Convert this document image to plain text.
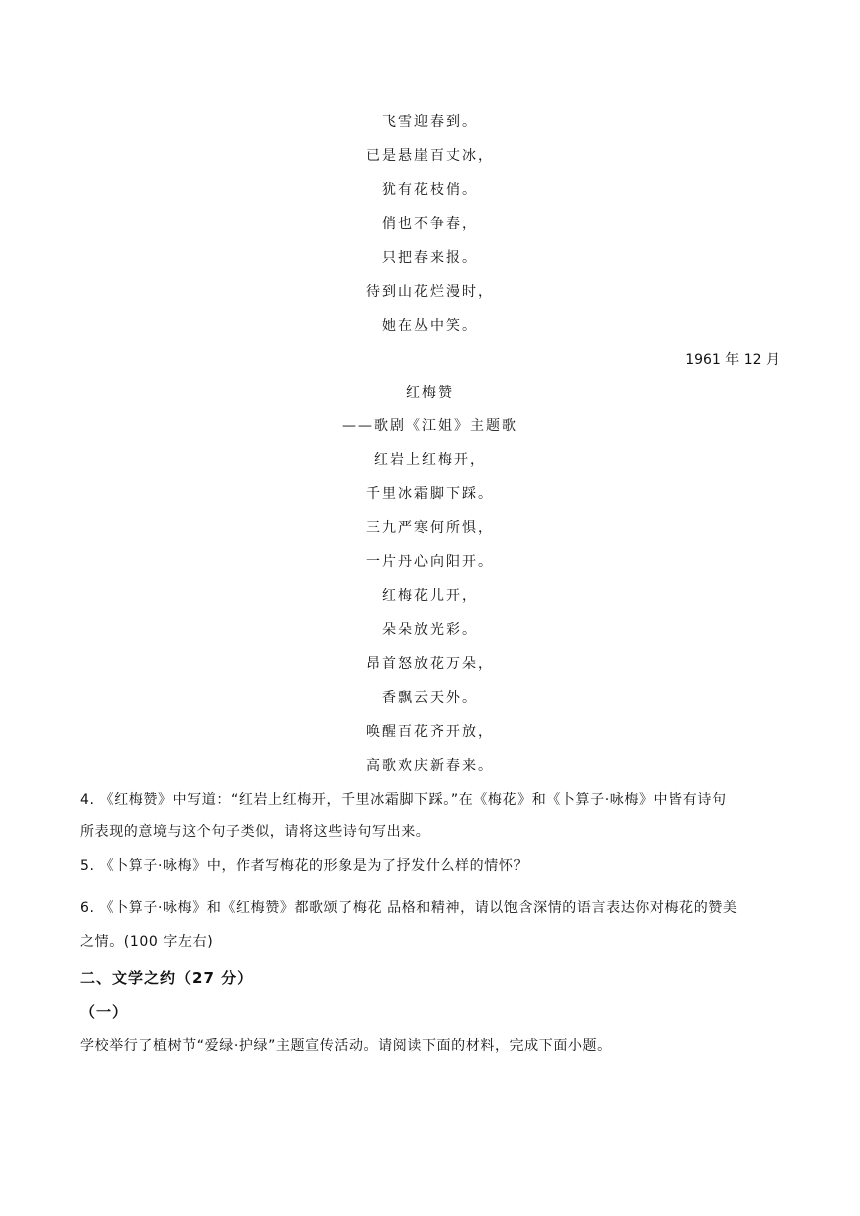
飞雪迎春到。
已是悬崖百丈冰，
犹有花枝俏。
俏也不争春，
只把春来报。
待到山花烂漫时，
她在丛中笑。
1961 年 12 月
红梅赞
——歌剧《江姐》主题歌
红岩上红梅开，
千里冰霜脚下踩。
三九严寒何所惧，
一片丹心向阳开。
红梅花儿开，
朵朵放光彩。
昂首怒放花万朵，
香飘云天外。
唤醒百花齐开放，
高歌欢庆新春来。
4. 《红梅赞》中写道：“红岩上红梅开，千里冰霜脚下踩。”在《梅花》和《卜算子·咏梅》中皆有诗句
所表现的意境与这个句子类似，请将这些诗句写出来。
5. 《卜算子·咏梅》中，作者写梅花的形象是为了抒发什么样的情怀？
6. 《卜算子·咏梅》和《红梅赞》都歌颂了梅花 品格和精神，请以饱含深情的语言表达你对梅花的赞美
之情。(100 字左右)
二、文学之约（27 分）
（一）
学校举行了植树节“爱绿·护绿”主题宣传活动。请阅读下面的材料，完成下面小题。
